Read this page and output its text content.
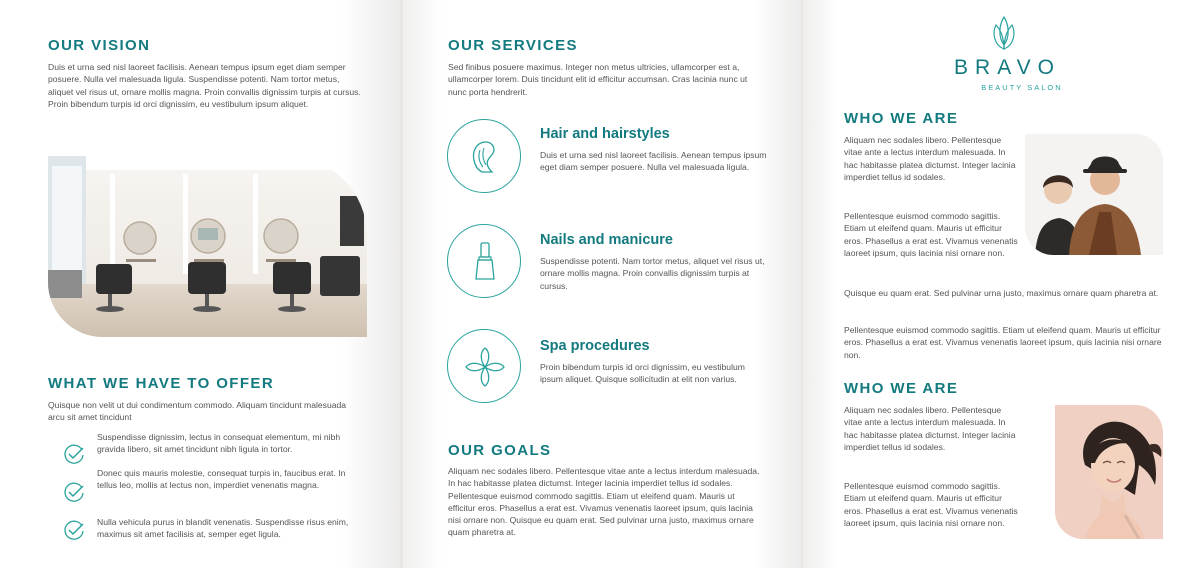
OUR VISION

Duis et urna sed nisl laoreet facilisis. Aenean tempus ipsum eget diam semper posuere. Nulla vel malesuada ligula. Suspendisse potenti. Nam tortor metus, aliquet vel risus ut, ornare mollis magna. Proin convallis dignissim turpis at cursus. Proin bibendum turpis id orci dignissim, eu vestibulum ipsum aliquet.

WHAT WE HAVE TO OFFER

Quisque non velit ut dui condimentum commodo. Aliquam tincidunt malesuada arcu sit amet tincidunt

Suspendisse dignissim, lectus in consequat elementum, mi nibh gravida libero, sit amet tincidunt nibh ligula in tortor.

Donec quis mauris molestie, consequat turpis in, faucibus erat. In tellus leo, mollis at lectus non, imperdiet venenatis magna.

Nulla vehicula purus in blandit venenatis. Suspendisse risus enim, maximus sit amet facilisis at, semper eget ligula.

OUR SERVICES

Sed finibus posuere maximus. Integer non metus ultricies, ullamcorper est a, ullamcorper lorem. Duis tincidunt elit id efficitur accumsan. Cras lacinia nunc ut nunc porta hendrerit.

Hair and hairstyles

Duis et urna sed nisl laoreet facilisis. Aenean tempus ipsum eget diam semper posuere. Nulla vel malesuada ligula.

Nails and manicure

Suspendisse potenti. Nam tortor metus, aliquet vel risus ut, ornare mollis magna. Proin convallis dignissim turpis at cursus.

Spa procedures

Proin bibendum turpis id orci dignissim, eu vestibulum ipsum aliquet. Quisque sollicitudin at elit non varius.

OUR GOALS

Aliquam nec sodales libero. Pellentesque vitae ante a lectus interdum malesuada. In hac habitasse platea dictumst. Integer lacinia imperdiet tellus id sodales. Pellentesque euismod commodo sagittis. Etiam ut eleifend quam. Mauris ut efficitur eros. Phasellus a erat est. Vivamus venenatis laoreet ipsum, quis lacinia nisi ornare non. Quisque eu quam erat. Sed pulvinar urna justo, maximus ornare quam pharetra at.

BRAVO
BEAUTY SALON
WHO WE ARE

Aliquam nec sodales libero. Pellentesque vitae ante a lectus interdum malesuada. In hac habitasse platea dictumst. Integer lacinia imperdiet tellus id sodales.

Pellentesque euismod commodo sagittis. Etiam ut eleifend quam. Mauris ut efficitur eros. Phasellus a erat est. Vivamus venenatis laoreet ipsum, quis lacinia nisi ornare non.

Quisque eu quam erat. Sed pulvinar urna justo, maximus ornare quam pharetra at.

Pellentesque euismod commodo sagittis. Etiam ut eleifend quam. Mauris ut efficitur eros. Phasellus a erat est. Vivamus venenatis laoreet ipsum, quis lacinia nisi ornare non.

WHO WE ARE

Aliquam nec sodales libero. Pellentesque vitae ante a lectus interdum malesuada. In hac habitasse platea dictumst. Integer lacinia imperdiet tellus id sodales.

Pellentesque euismod commodo sagittis. Etiam ut eleifend quam. Mauris ut efficitur eros. Phasellus a erat est. Vivamus venenatis laoreet ipsum, quis lacinia nisi ornare non.
